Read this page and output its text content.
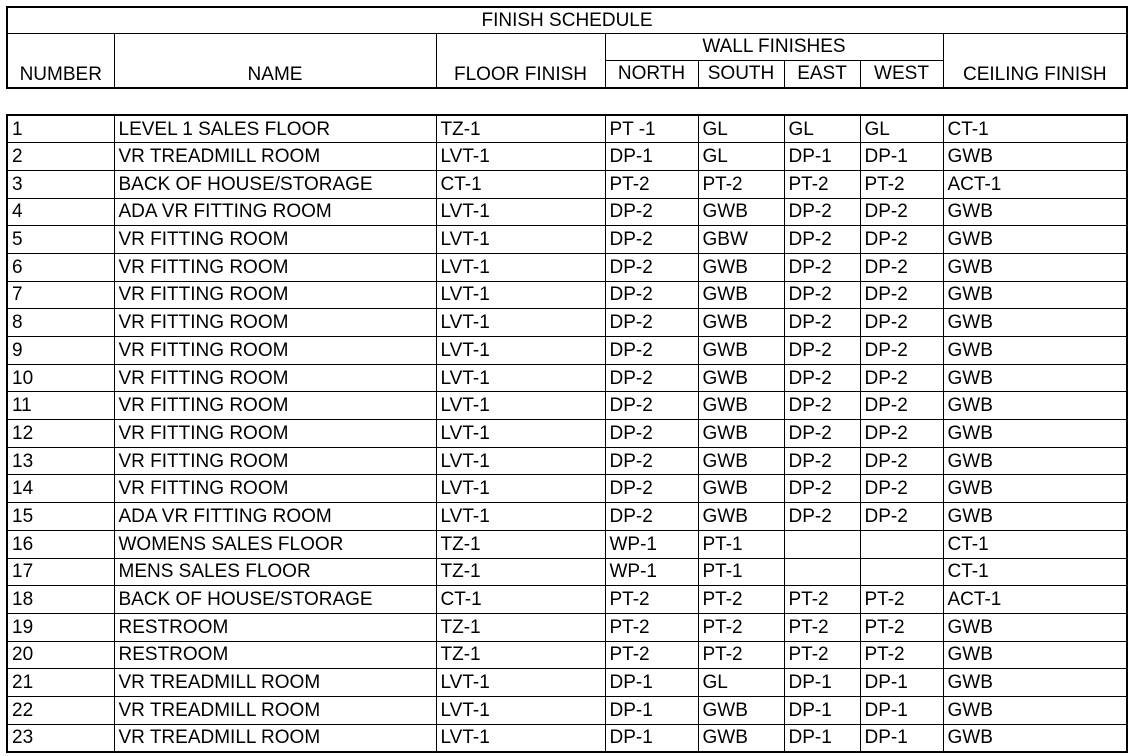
FINISH SCHEDULE							
NUMBER	NAME	FLOOR FINISH	WALL FINISHES				CEILING FINISH
			NORTH	SOUTH	EAST	WEST	
1	LEVEL 1 SALES FLOOR	TZ-1	PT -1	GL	GL	GL	CT-1
2	VR TREADMILL ROOM	LVT-1	DP-1	GL	DP-1	DP-1	GWB
3	BACK OF HOUSE/STORAGE	CT-1	PT-2	PT-2	PT-2	PT-2	ACT-1
4	ADA VR FITTING ROOM	LVT-1	DP-2	GWB	DP-2	DP-2	GWB
5	VR FITTING ROOM	LVT-1	DP-2	GBW	DP-2	DP-2	GWB
6	VR FITTING ROOM	LVT-1	DP-2	GWB	DP-2	DP-2	GWB
7	VR FITTING ROOM	LVT-1	DP-2	GWB	DP-2	DP-2	GWB
8	VR FITTING ROOM	LVT-1	DP-2	GWB	DP-2	DP-2	GWB
9	VR FITTING ROOM	LVT-1	DP-2	GWB	DP-2	DP-2	GWB
10	VR FITTING ROOM	LVT-1	DP-2	GWB	DP-2	DP-2	GWB
11	VR FITTING ROOM	LVT-1	DP-2	GWB	DP-2	DP-2	GWB
12	VR FITTING ROOM	LVT-1	DP-2	GWB	DP-2	DP-2	GWB
13	VR FITTING ROOM	LVT-1	DP-2	GWB	DP-2	DP-2	GWB
14	VR FITTING ROOM	LVT-1	DP-2	GWB	DP-2	DP-2	GWB
15	ADA VR FITTING ROOM	LVT-1	DP-2	GWB	DP-2	DP-2	GWB
16	WOMENS SALES FLOOR	TZ-1	WP-1	PT-1			CT-1
17	MENS SALES FLOOR	TZ-1	WP-1	PT-1			CT-1
18	BACK OF HOUSE/STORAGE	CT-1	PT-2	PT-2	PT-2	PT-2	ACT-1
19	RESTROOM	TZ-1	PT-2	PT-2	PT-2	PT-2	GWB
20	RESTROOM	TZ-1	PT-2	PT-2	PT-2	PT-2	GWB
21	VR TREADMILL ROOM	LVT-1	DP-1	GL	DP-1	DP-1	GWB
22	VR TREADMILL ROOM	LVT-1	DP-1	GWB	DP-1	DP-1	GWB
23	VR TREADMILL ROOM	LVT-1	DP-1	GWB	DP-1	DP-1	GWB
